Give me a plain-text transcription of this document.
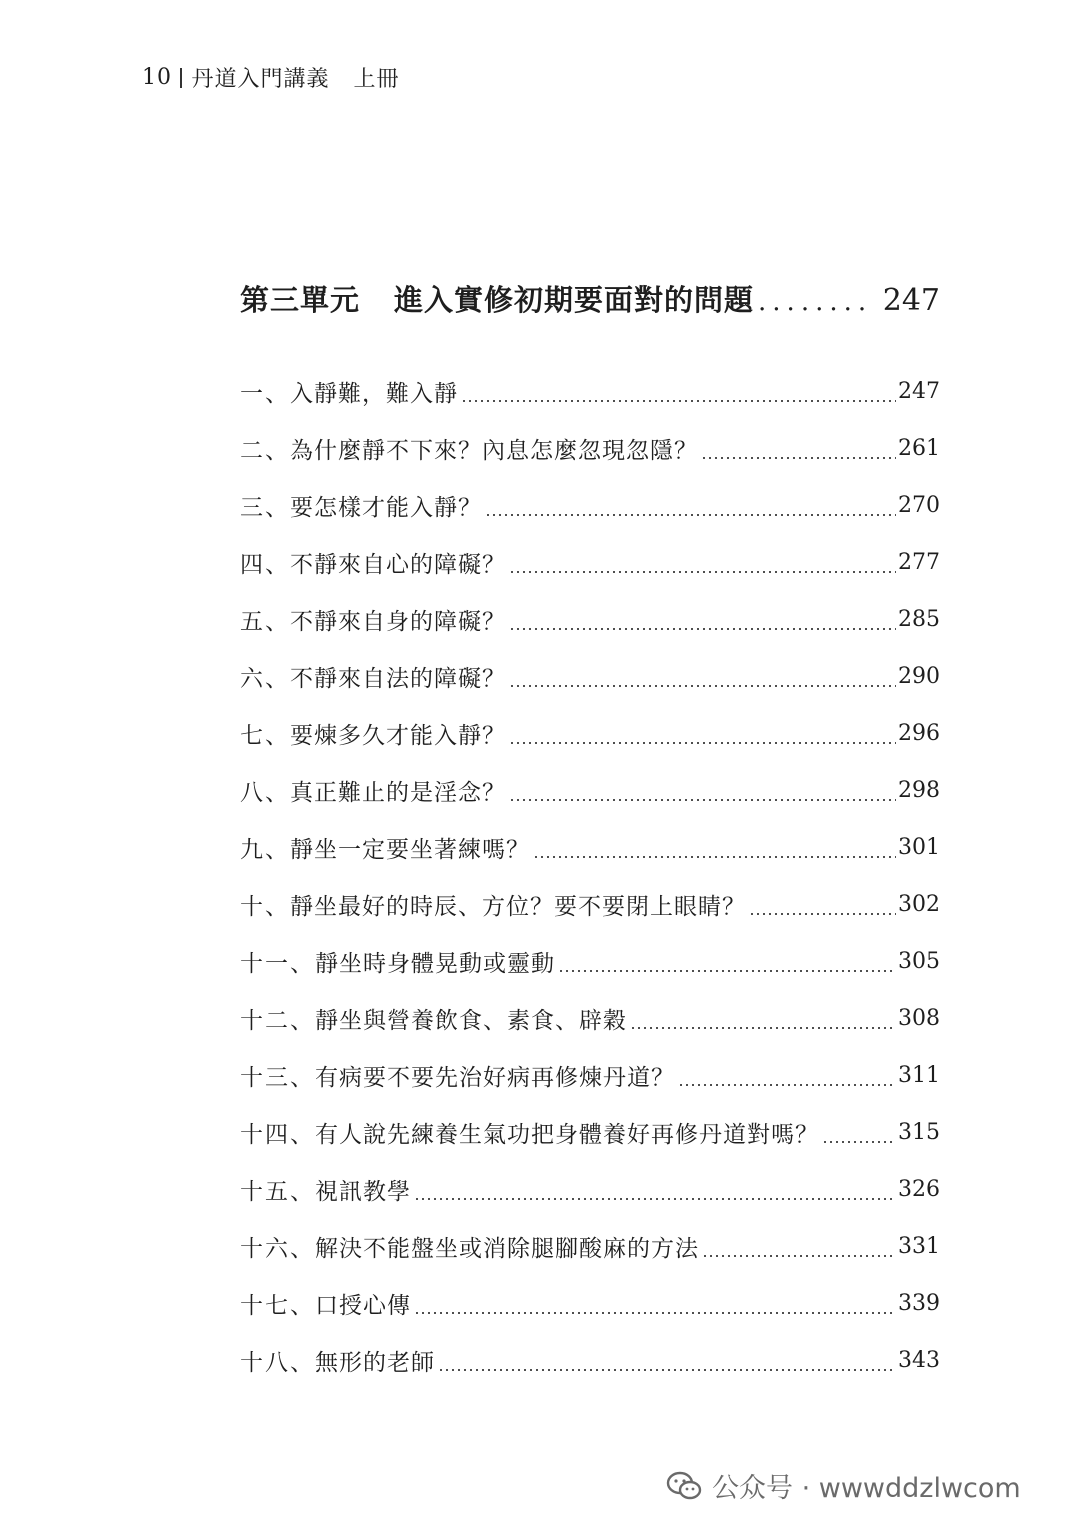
10 丹道入門講義 上冊
第三單元 進入實修初期要面對的問題 ........ 247
一、 入靜難，難入靜	247
二、 為什麼靜不下來？內息怎麼忽現忽隱？	261
三、 要怎樣才能入靜？	270
四、 不靜來自心的障礙？	277
五、 不靜來自身的障礙？	285
六、 不靜來自法的障礙？	290
七、 要煉多久才能入靜？	296
八、 真正難止的是淫念？	298
九、 靜坐一定要坐著練嗎？	301
十、 靜坐最好的時辰、方位？要不要閉上眼睛？	302
十一、 靜坐時身體晃動或靈動	305
十二、 靜坐與營養飲食、素食、辟穀	308
十三、 有病要不要先治好病再修煉丹道？	311
十四、 有人說先練養生氣功把身體養好再修丹道對嗎？	315
十五、 視訊教學	326
十六、 解決不能盤坐或消除腿腳酸麻的方法	331
十七、 口授心傳	339
十八、 無形的老師	343
公众号 · wwwddzlwcom
